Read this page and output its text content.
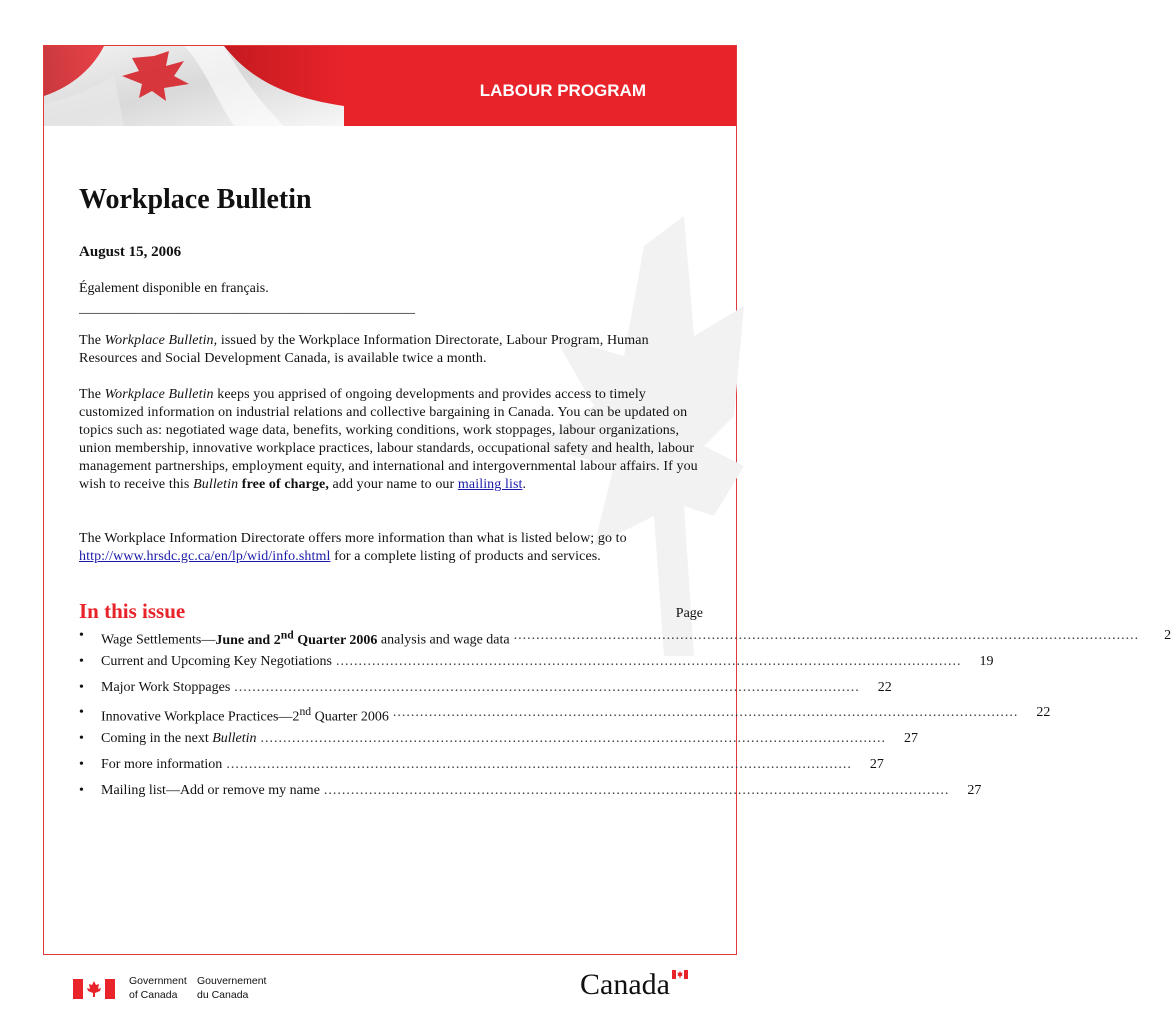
LABOUR PROGRAM
Workplace Bulletin
August 15, 2006
Également disponible en français.
________________________________________________

The Workplace Bulletin, issued by the Workplace Information Directorate, Labour Program, Human Resources and Social Development Canada, is available twice a month.

The Workplace Bulletin keeps you apprised of ongoing developments and provides access to timely customized information on industrial relations and collective bargaining in Canada. You can be updated on topics such as: negotiated wage data, benefits, working conditions, work stoppages, labour organizations, union membership, innovative workplace practices, labour standards, occupational safety and health, labour management partnerships, employment equity, and international and intergovernmental labour affairs. If you wish to receive this Bulletin free of charge, add your name to our mailing list.

The Workplace Information Directorate offers more information than what is listed below; go to http://www.hrsdc.gc.ca/en/lp/wid/info.shtml for a complete listing of products and services.

In this issue	Page
•	Wage Settlements—June and 2nd Quarter 2006 analysis and wage data ...........................................................................................................................................	2
•	Current and Upcoming Key Negotiations ...........................................................................................................................................	19
•	Major Work Stoppages ...........................................................................................................................................	22
•	Innovative Workplace Practices—2nd Quarter 2006 ...........................................................................................................................................	22
•	Coming in the next Bulletin ...........................................................................................................................................	27
•	For more information ...........................................................................................................................................	27
•	Mailing list—Add or remove my name ...........................................................................................................................................	27
Government
of Canada
Gouvernement
du Canada	Canada
